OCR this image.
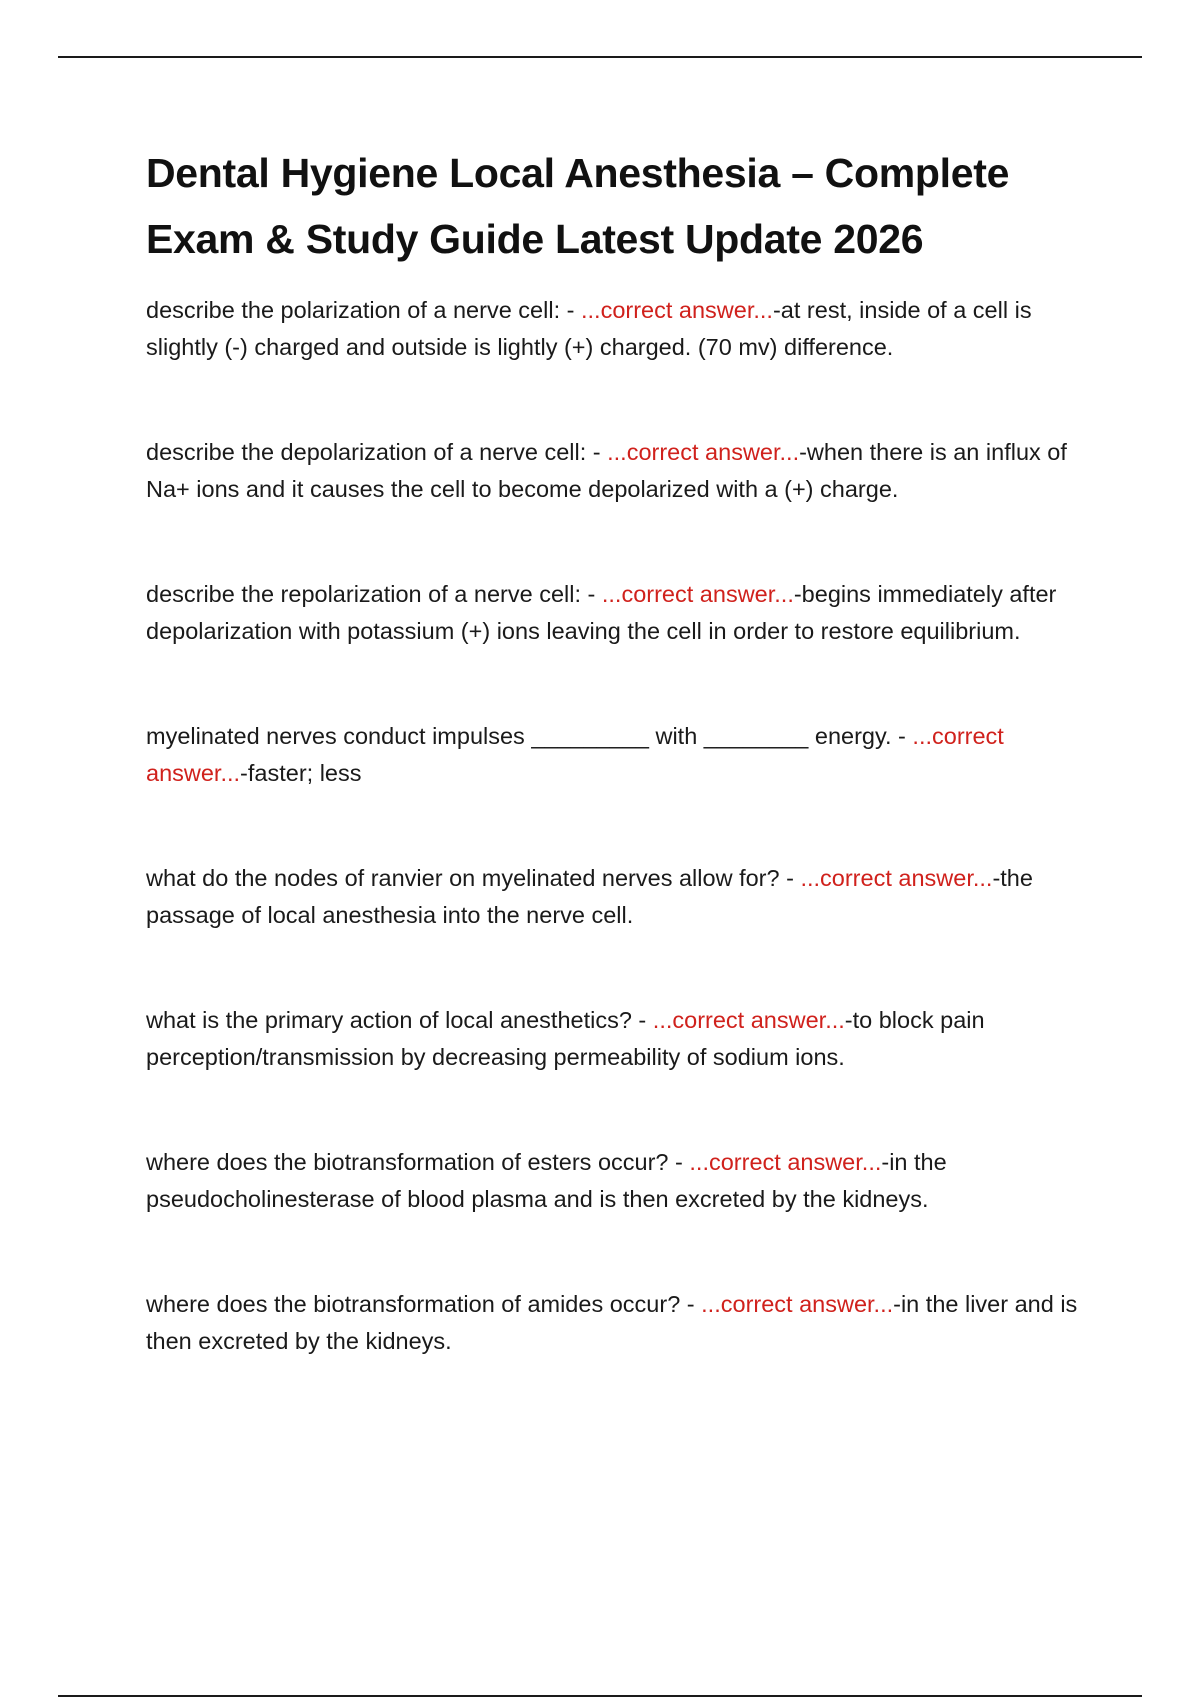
Dental Hygiene Local Anesthesia – Complete Exam & Study Guide Latest Update 2026

describe the polarization of a nerve cell: - ...correct answer...-at rest, inside of a cell is slightly (-) charged and outside is lightly (+) charged. (70 mv) difference.

describe the depolarization of a nerve cell: - ...correct answer...-when there is an influx of Na+ ions and it causes the cell to become depolarized with a (+) charge.

describe the repolarization of a nerve cell: - ...correct answer...-begins immediately after depolarization with potassium (+) ions leaving the cell in order to restore equilibrium.

myelinated nerves conduct impulses _________ with ________ energy. - ...correct answer...-faster; less

what do the nodes of ranvier on myelinated nerves allow for? - ...correct answer...-the passage of local anesthesia into the nerve cell.

what is the primary action of local anesthetics? - ...correct answer...-to block pain perception/transmission by decreasing permeability of sodium ions.

where does the biotransformation of esters occur? - ...correct answer...-in the pseudocholinesterase of blood plasma and is then excreted by the kidneys.

where does the biotransformation of amides occur? - ...correct answer...-in the liver and is then excreted by the kidneys.
